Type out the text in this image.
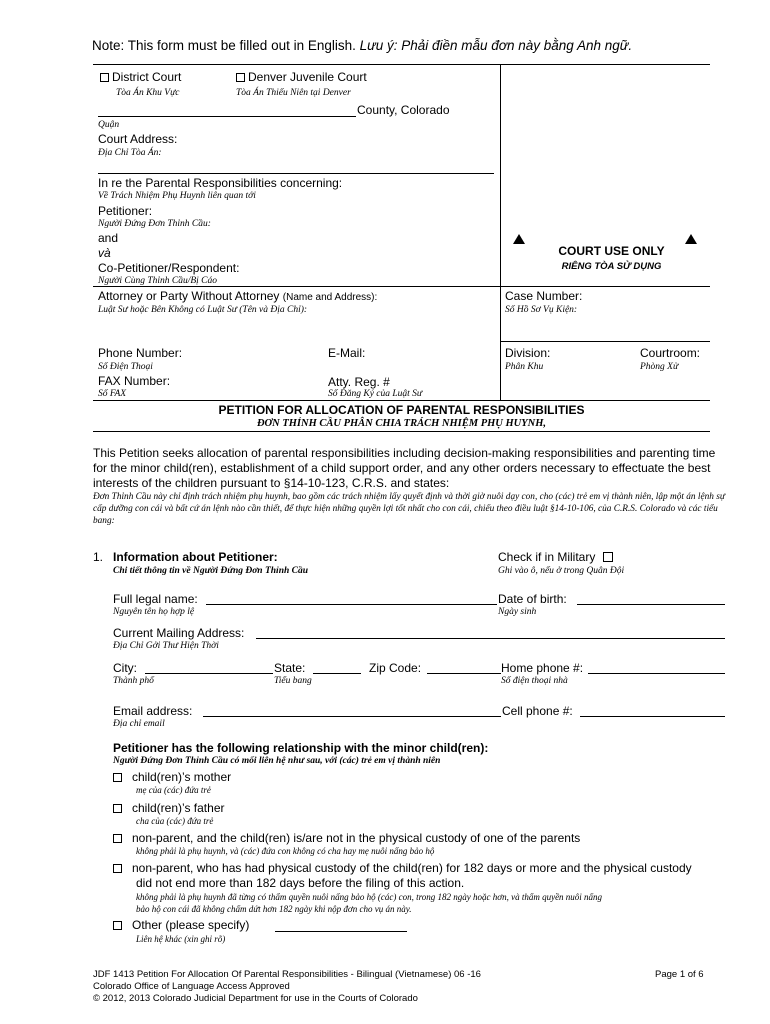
Note: This form must be filled out in English. Lưu ý: Phải điền mẫu đơn này bằng Anh ngữ.
District Court
Tòa Án Khu Vực
Denver Juvenile Court
Tòa Án Thiếu Niên tại Denver
County, Colorado
Quận
Court Address:
Địa Chỉ Tòa Án:
In re the Parental Responsibilities concerning:
Về Trách Nhiệm Phụ Huynh liên quan tới
Petitioner:
Người Đứng Đơn Thỉnh Cầu:
and
và
Co-Petitioner/Respondent:
Người Cùng Thỉnh Cầu/Bị Cáo
COURT USE ONLY
RIÊNG TÒA SỬ DỤNG
Attorney or Party Without Attorney (Name and Address):
Luật Sư hoặc Bên Không có Luật Sư (Tên và Địa Chỉ):
Phone Number:
Số Điện Thoại
E-Mail:
FAX Number:
Số FAX
Atty. Reg. #
Số Đăng Ký của Luật Sư
Case Number:
Số Hồ Sơ Vụ Kiện:
Division:
Phân Khu
Courtroom:
Phòng Xử
PETITION FOR ALLOCATION OF PARENTAL RESPONSIBILITIES
ĐƠN THỈNH CẦU PHÂN CHIA TRÁCH NHIỆM PHỤ HUYNH,
This Petition seeks allocation of parental responsibilities including decision-making responsibilities and parenting time for the minor child(ren), establishment of a child support order, and any other orders necessary to effectuate the best interests of the children pursuant to §14-10-123, C.R.S. and states:
Đơn Thỉnh Cầu này chỉ định trách nhiệm phụ huynh, bao gồm các trách nhiệm lấy quyết định và thời giờ nuôi dạy con, cho (các) trẻ em vị thành niên, lập một án lệnh sự cấp dưỡng con cái và bất cứ án lệnh nào cần thiết, để thực hiện những quyền lợi tốt nhất cho con cái, chiếu theo điều luật §14-10-106, của C.R.S. Colorado và các tiểu bang:
1. Information about Petitioner:
Chi tiết thông tin về Người Đứng Đơn Thỉnh Cầu
Check if in Military
Ghi vào ô, nếu ở trong Quân Đội
Full legal name:	Date of birth:
Nguyên tên họ hợp lệ	Ngày sinh
Current Mailing Address:
Địa Chỉ Gởi Thư Hiện Thời
City:	State:	Zip Code:	Home phone #:
Thành phố	Tiểu bang	Số điện thoại nhà
Email address:	Cell phone #:
Địa chỉ email
Petitioner has the following relationship with the minor child(ren):
Người Đứng Đơn Thỉnh Cầu có mối liên hệ như sau, với (các) trẻ em vị thành niên
child(ren)’s mother
mẹ của (các) đứa trẻ
child(ren)’s father
cha của (các) đứa trẻ
non-parent, and the child(ren) is/are not in the physical custody of one of the parents
không phải là phụ huynh, và (các) đứa con không có cha hay mẹ nuôi nấng bảo hộ
non-parent, who has had physical custody of the child(ren) for 182 days or more and the physical custody
did not end more than 182 days before the filing of this action.
không phải là phụ huynh đã từng có thẩm quyền nuôi nấng bảo hộ (các) con, trong 182 ngày hoặc hơn, và thẩm quyền nuôi nấng
bảo hộ con cái đã không chấm dứt hơn 182 ngày khi nộp đơn cho vụ án này.
Other (please specify)
Liên hệ khác (xin ghi rõ)
JDF 1413 Petition For Allocation Of Parental Responsibilities - Bilingual (Vietnamese) 06 -16
Colorado Office of Language Access Approved
© 2012, 2013 Colorado Judicial Department for use in the Courts of Colorado
Page 1 of 6
